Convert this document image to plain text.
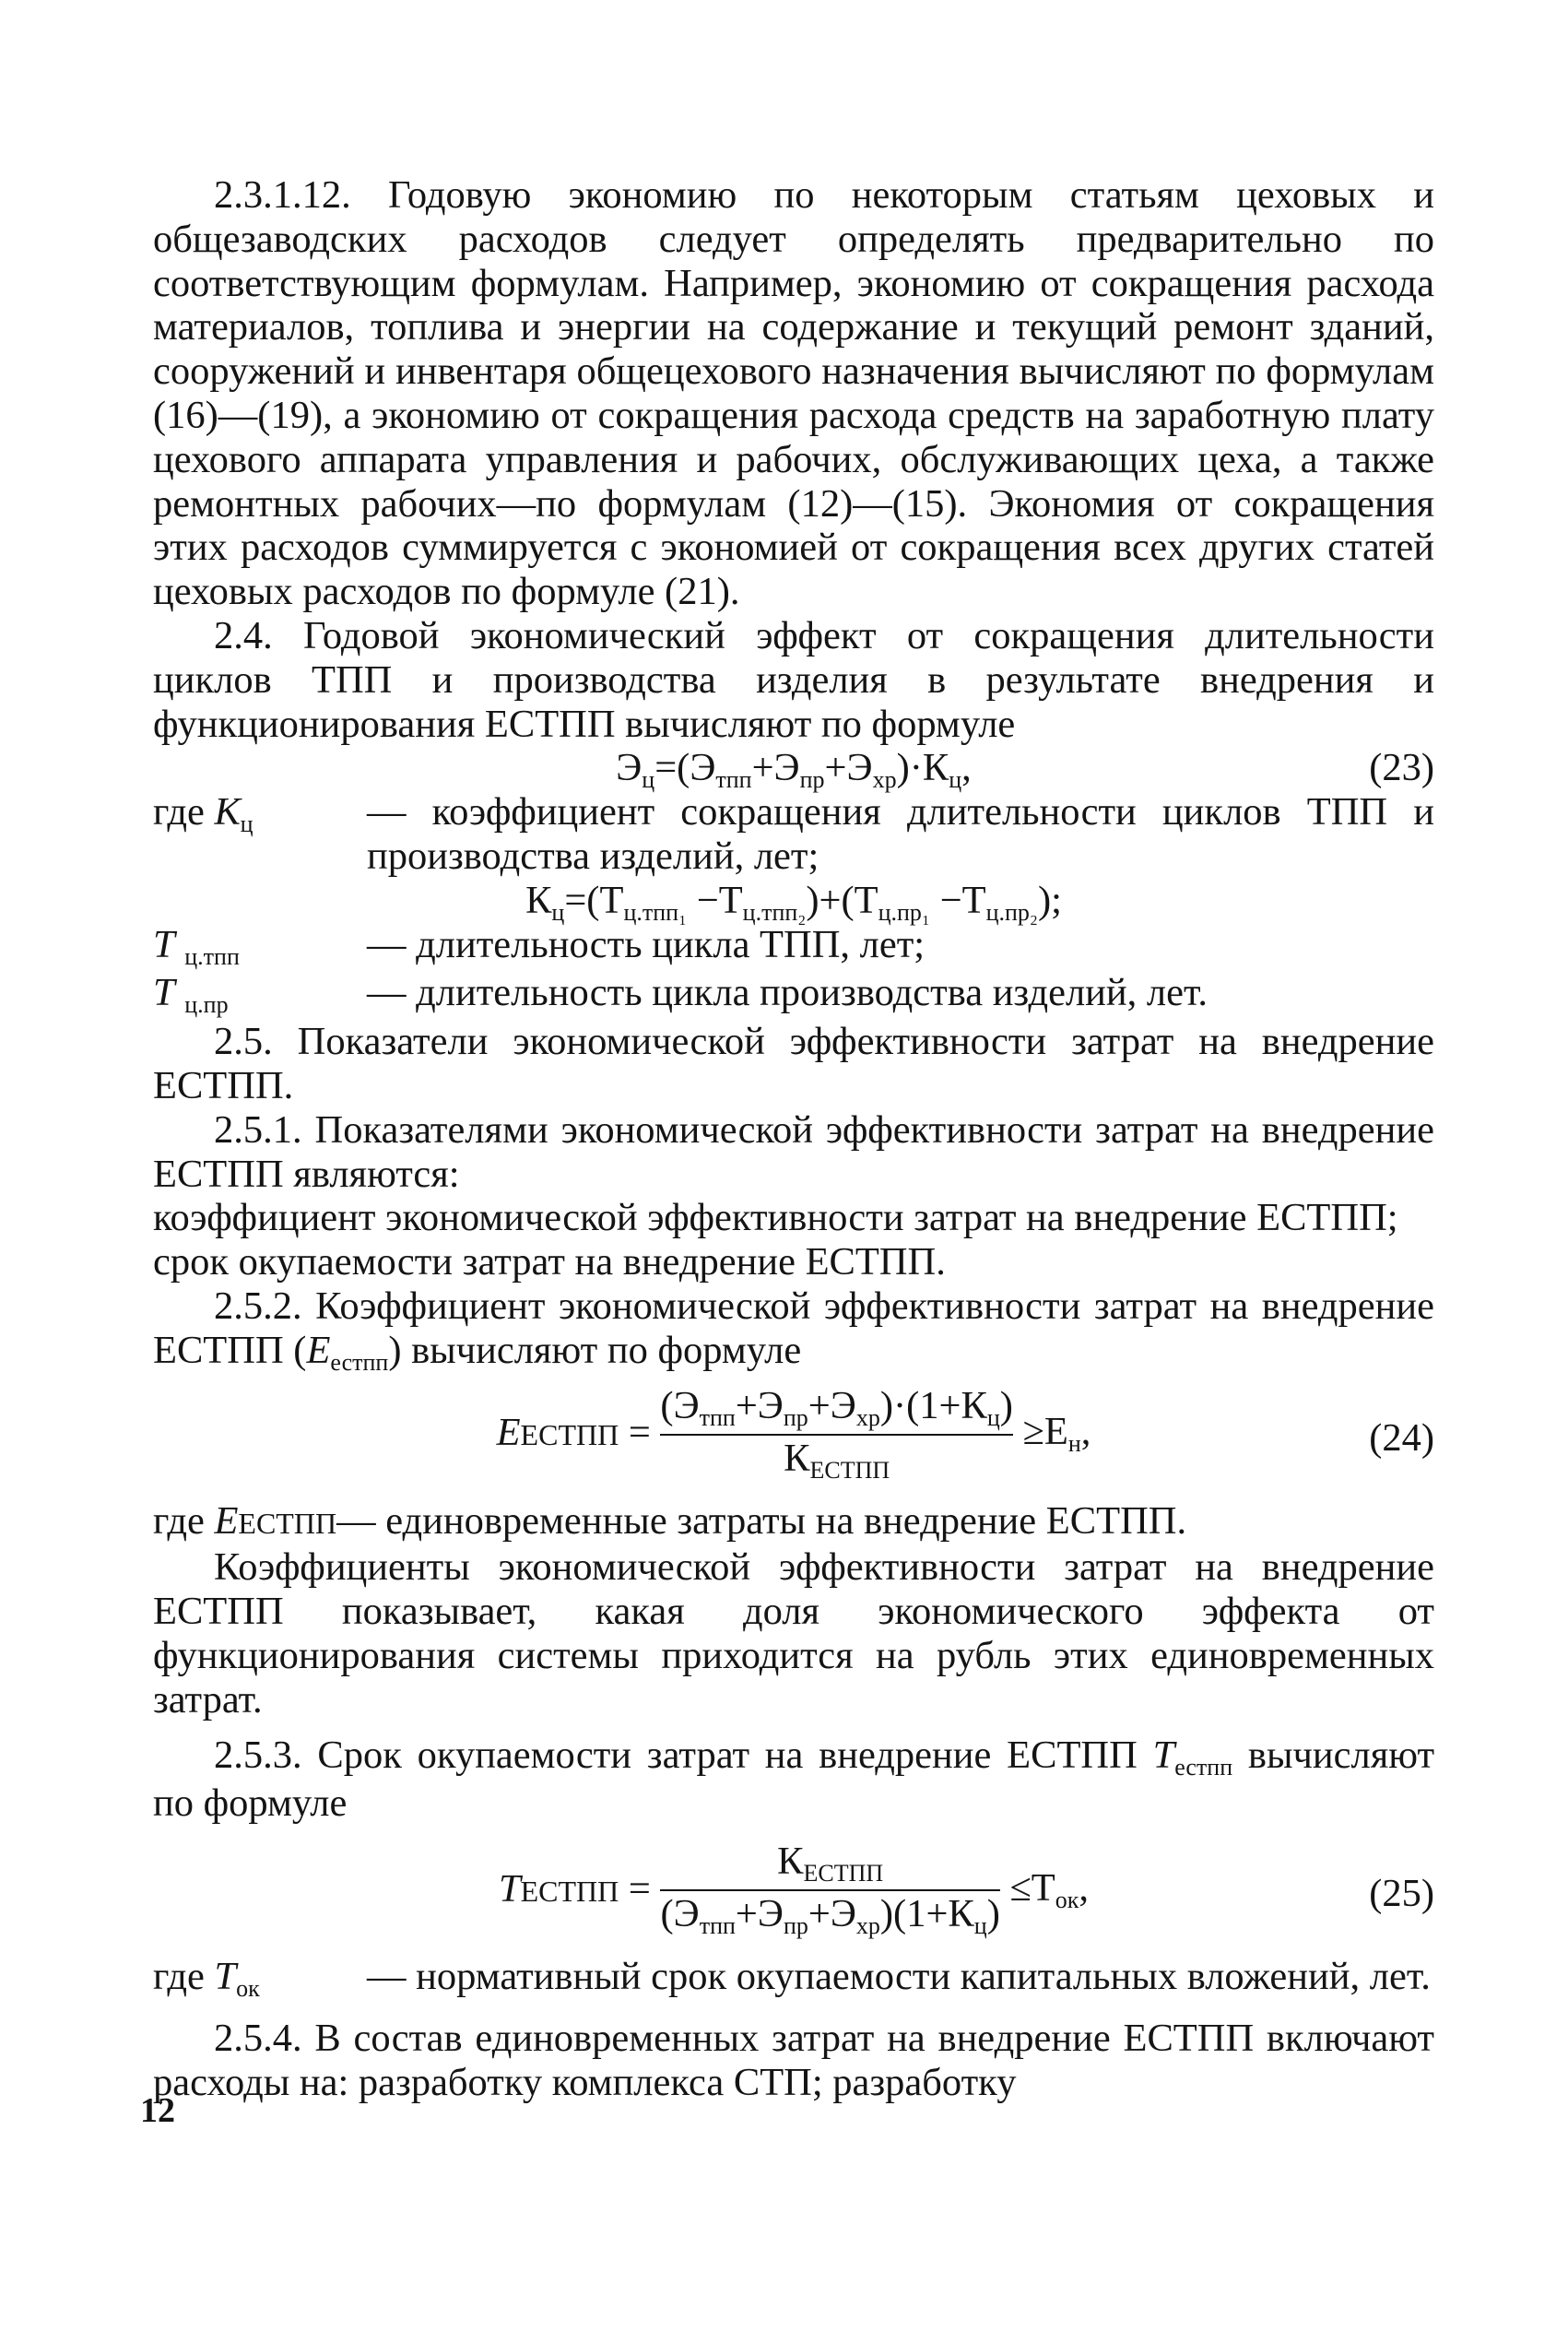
2.3.1.12. Годовую экономию по некоторым статьям цеховых и общезаводских расходов следует определять предварительно по соответствующим формулам. Например, экономию от сокращения расхода материалов, топлива и энергии на содержание и текущий ремонт зданий, сооружений и инвентаря общецехового назначения вычисляют по формулам (16)—(19), а экономию от сокращения расхода средств на заработную плату цехового аппарата управления и рабочих, обслуживающих цеха, а также ремонтных рабочих—по формулам (12)—(15). Экономия от сокращения этих расходов суммируется с экономией от сокращения всех других статей цеховых расходов по формуле (21).

2.4. Годовой экономический эффект от сокращения длительности циклов ТПП и производства изделия в результате внедрения и функционирования ЕСТПП вычисляют по формуле

Эц=(Этпп+Эпр+Эхр)·Кц,	(23)
где Кц	— коэффициент сокращения длительности циклов ТПП и производства изделий, лет;
Кц=(Тц.тпп₁ −Тц.тпп₂)+(Тц.пр₁ −Тц.пр₂);
Т ц.тпп	— длительность цикла ТПП, лет;
Т ц.пр	— длительность цикла производства изделий, лет.

2.5. Показатели экономической эффективности затрат на внедрение ЕСТПП.

2.5.1. Показателями экономической эффективности затрат на внедрение ЕСТПП являются:

коэффициент экономической эффективности затрат на внедрение ЕСТПП;

срок окупаемости затрат на внедрение ЕСТПП.

2.5.2. Коэффициент экономической эффективности затрат на внедрение ЕСТПП (Еестпп) вычисляют по формуле

ЕЕСТПП = $\frac{\text{(Этпп+Эпр+Эхр)·(1+Кц)}}{\text{КЕСТПП}} \ge Ен$,	(24)
где ЕЕСТПП — единовременные затраты на внедрение ЕСТПП.

Коэффициенты экономической эффективности затрат на внедрение ЕСТПП показывает, какая доля экономического эффекта от функционирования системы приходится на рубль этих единовременных затрат.

2.5.3. Срок окупаемости затрат на внедрение ЕСТПП Тестпп вычисляют по формуле

ТЕСТПП = $\frac{\text{КЕСТПП}}{\text{(Этпп+Эпр+Эхр)(1+Кц)}} \le Ток$,	(25)
где Ток	— нормативный срок окупаемости капитальных вложений, лет.

2.5.4. В состав единовременных затрат на внедрение ЕСТПП включают расходы на: разработку комплекса СТП; разработку

12
